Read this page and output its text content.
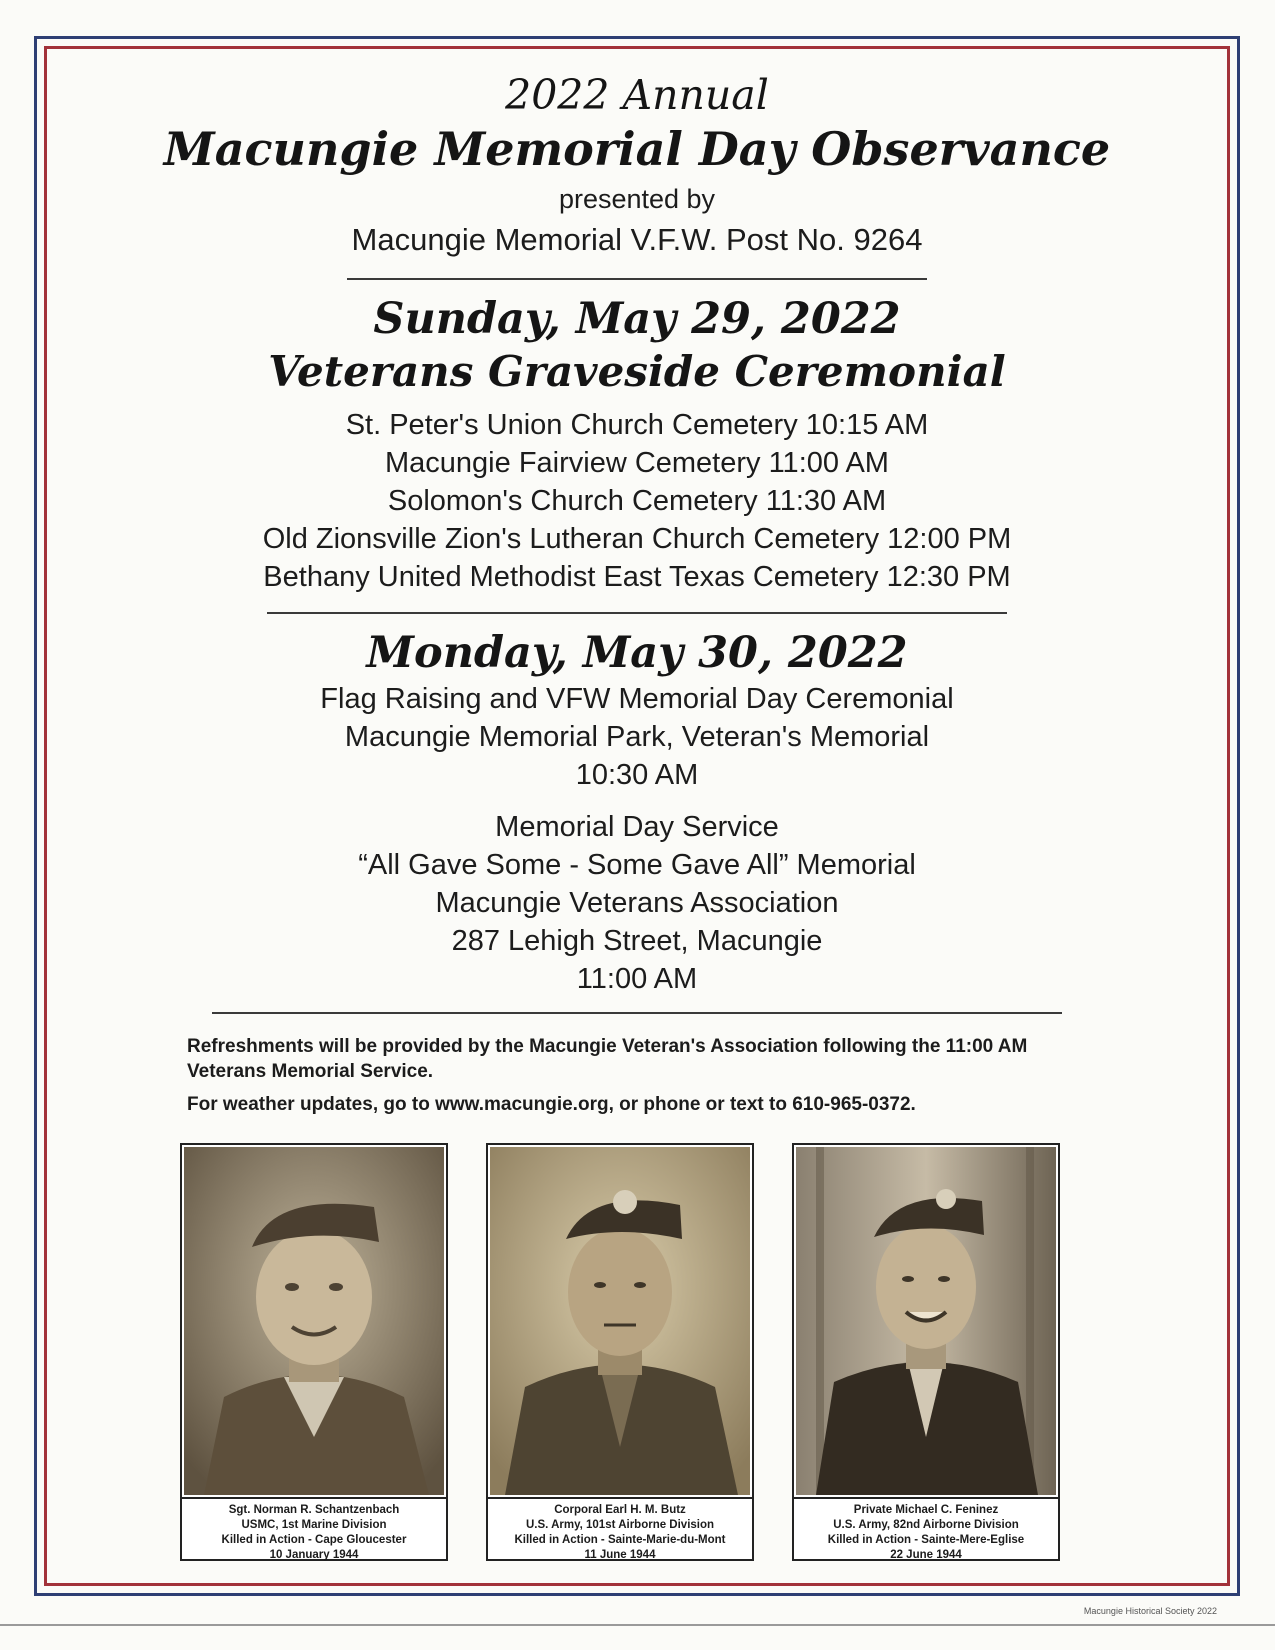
2022 Annual
Macungie Memorial Day Observance
presented by
Macungie Memorial V.F.W. Post No. 9264
Sunday, May 29, 2022
Veterans Graveside Ceremonial
St. Peter's Union Church Cemetery 10:15 AM
Macungie Fairview Cemetery 11:00 AM
Solomon's Church Cemetery 11:30 AM
Old Zionsville Zion's Lutheran Church Cemetery 12:00 PM
Bethany United Methodist East Texas Cemetery 12:30 PM
Monday, May 30, 2022
Flag Raising and VFW Memorial Day Ceremonial
Macungie Memorial Park, Veteran's Memorial
10:30 AM
Memorial Day Service
“All Gave Some - Some Gave All” Memorial
Macungie Veterans Association
287 Lehigh Street, Macungie
11:00 AM

Refreshments will be provided by the Macungie Veteran's Association following the 11:00 AM Veterans Memorial Service.

For weather updates, go to www.macungie.org, or phone or text to 610-965-0372.

Sgt. Norman R. Schantzenbach
USMC, 1st Marine Division
Killed in Action - Cape Gloucester
10 January 1944
Corporal Earl H. M. Butz
U.S. Army, 101st Airborne Division
Killed in Action - Sainte-Marie-du-Mont
11 June 1944
Private Michael C. Feninez
U.S. Army, 82nd Airborne Division
Killed in Action - Sainte-Mere-Eglise
22 June 1944
Macungie Historical Society 2022
